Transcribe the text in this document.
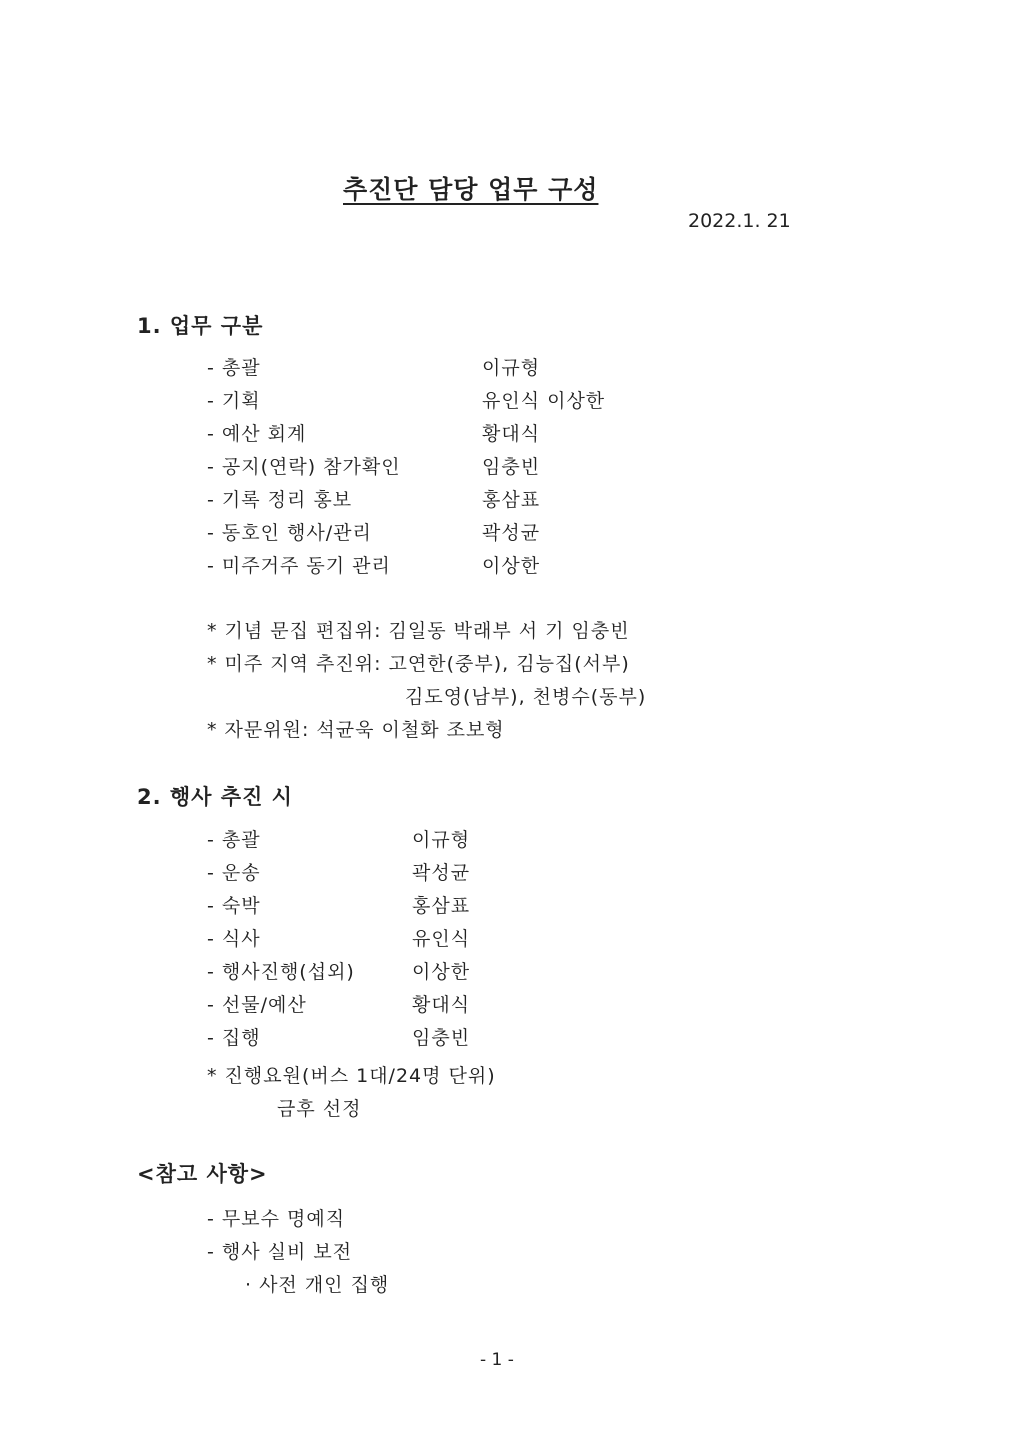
추진단 담당 업무 구성
2022.1. 21
1. 업무 구분
- 총괄	이규형
- 기획	유인식 이상한
- 예산 회계	황대식
- 공지(연락) 참가확인	임충빈
- 기록 정리 홍보	홍삼표
- 동호인 행사/관리	곽성균
- 미주거주 동기 관리	이상한
* 기념 문집 편집위: 김일동 박래부 서 기 임충빈
* 미주 지역 추진위: 고연한(중부), 김능집(서부)
김도영(남부), 천병수(동부)
* 자문위원: 석균욱 이철화 조보형
2. 행사 추진 시
- 총괄	이규형
- 운송	곽성균
- 숙박	홍삼표
- 식사	유인식
- 행사진행(섭외)	이상한
- 선물/예산	황대식
- 집행	임충빈
* 진행요원(버스 1대/24명 단위)
금후 선정
<참고 사항>
- 무보수 명예직
- 행사 실비 보전
· 사전 개인 집행
- 1 -
